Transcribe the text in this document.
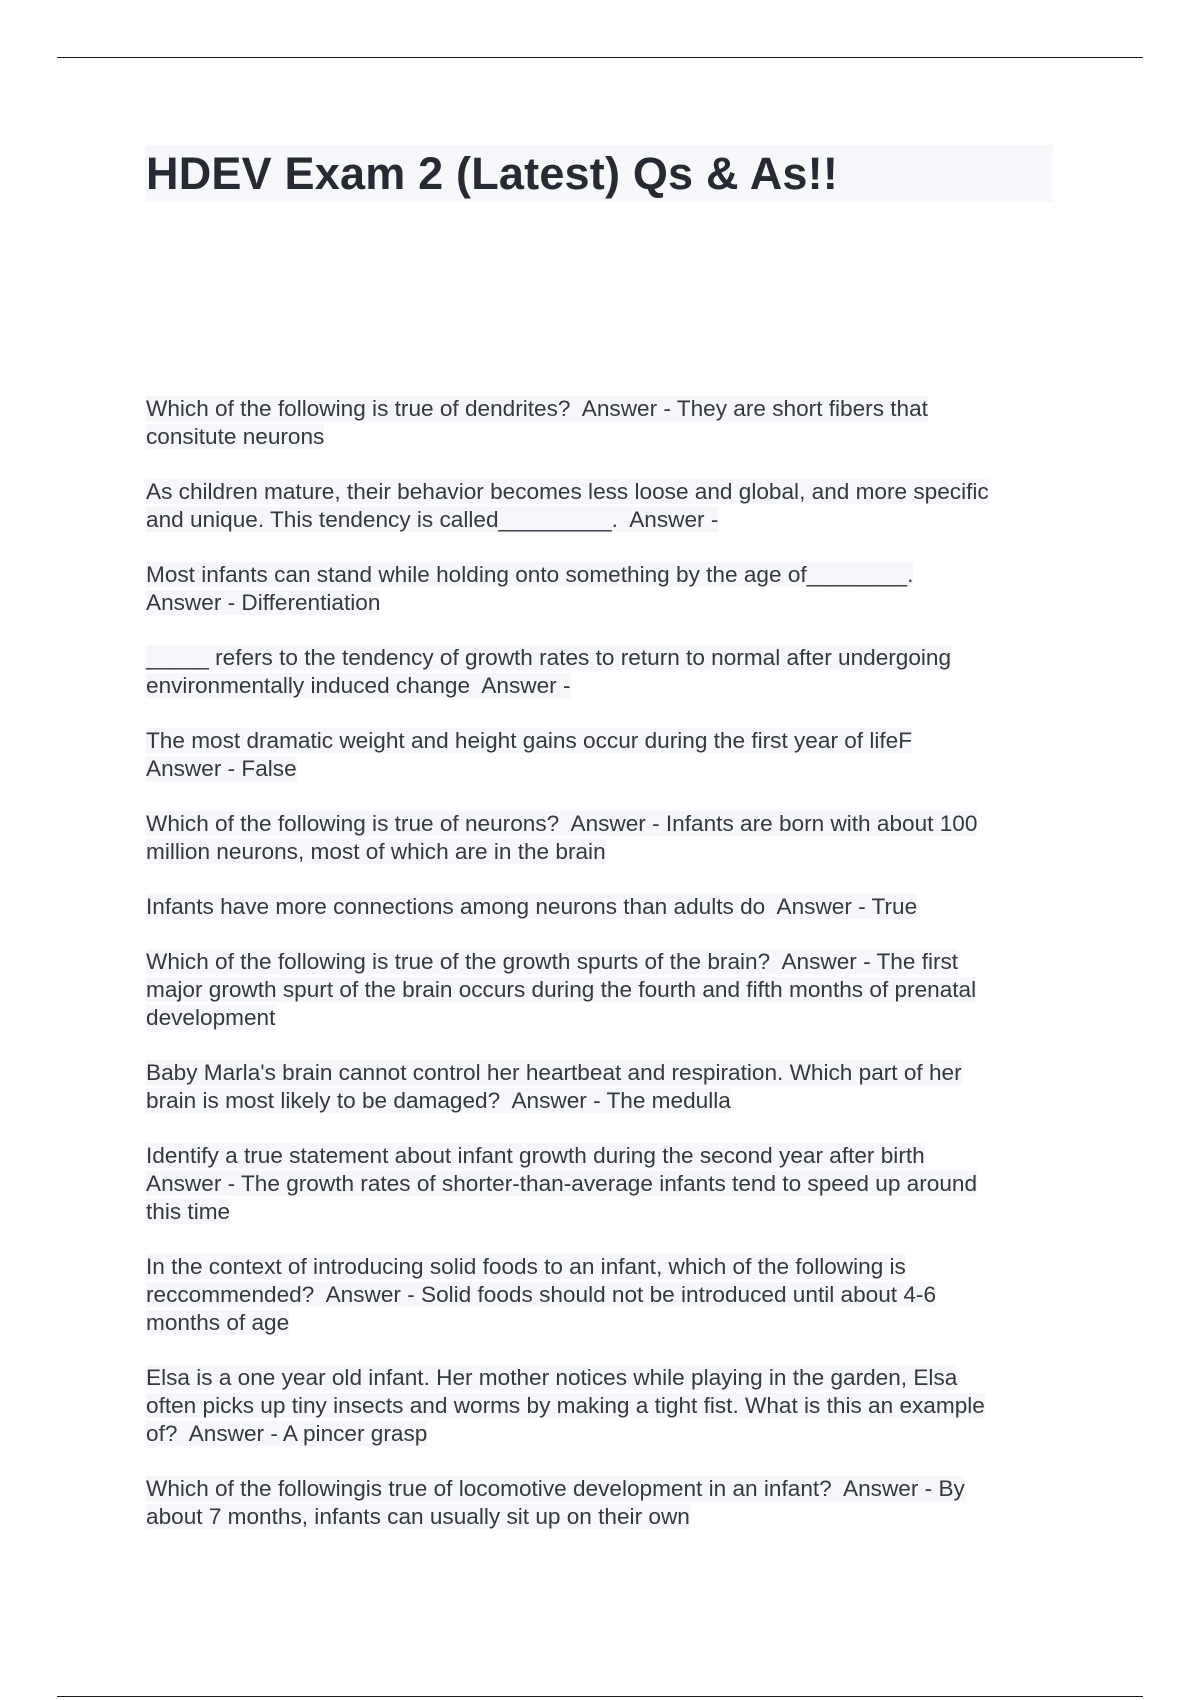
HDEV Exam 2 (Latest) Qs & As!!

Which of the following is true of dendrites?  Answer - They are short fibers that
consitute neurons

As children mature, their behavior becomes less loose and global, and more specific
and unique. This tendency is called_________.  Answer -

Most infants can stand while holding onto something by the age of________.
Answer - Differentiation

_____ refers to the tendency of growth rates to return to normal after undergoing
environmentally induced change  Answer -

The most dramatic weight and height gains occur during the first year of lifeF
Answer - False

Which of the following is true of neurons?  Answer - Infants are born with about 100
million neurons, most of which are in the brain

Infants have more connections among neurons than adults do  Answer - True

Which of the following is true of the growth spurts of the brain?  Answer - The first
major growth spurt of the brain occurs during the fourth and fifth months of prenatal
development

Baby Marla's brain cannot control her heartbeat and respiration. Which part of her
brain is most likely to be damaged?  Answer - The medulla

Identify a true statement about infant growth during the second year after birth
Answer - The growth rates of shorter-than-average infants tend to speed up around
this time

In the context of introducing solid foods to an infant, which of the following is
reccommended?  Answer - Solid foods should not be introduced until about 4-6
months of age

Elsa is a one year old infant. Her mother notices while playing in the garden, Elsa
often picks up tiny insects and worms by making a tight fist. What is this an example
of?  Answer - A pincer grasp

Which of the followingis true of locomotive development in an infant?  Answer - By
about 7 months, infants can usually sit up on their own
